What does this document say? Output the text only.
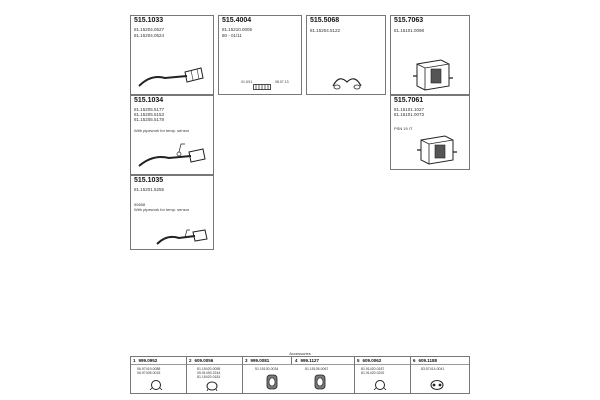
515.1033
81.15204.0527
81.15204.0524
515.4004
81.15210.0005
80 - 01/11
01.0/11	08.07.13
515.5068
81.15204.5122
515.7063
81.15101.0098
515.1034
81.15205.5177
81.15205.5153
81.15205.5178
With pipework for temp. sensor
515.7061
81.15101.1027
81.15101.0073
PSN 19 IT
515.1035
81.15201.5255
50658
With pipework for temp. sensor
Accessories
1 999.0952
06.97419.0088
06.97405.0015
2 609.0056
81.15420.0055
05.91493.2244
81.15420.0181
3 999.0081	4 999.1127
51.15100.0034	81.15105.0067
5 609.0062
81.91420.0187
81.91420.0292
6 609.1188
83.57414.0041
